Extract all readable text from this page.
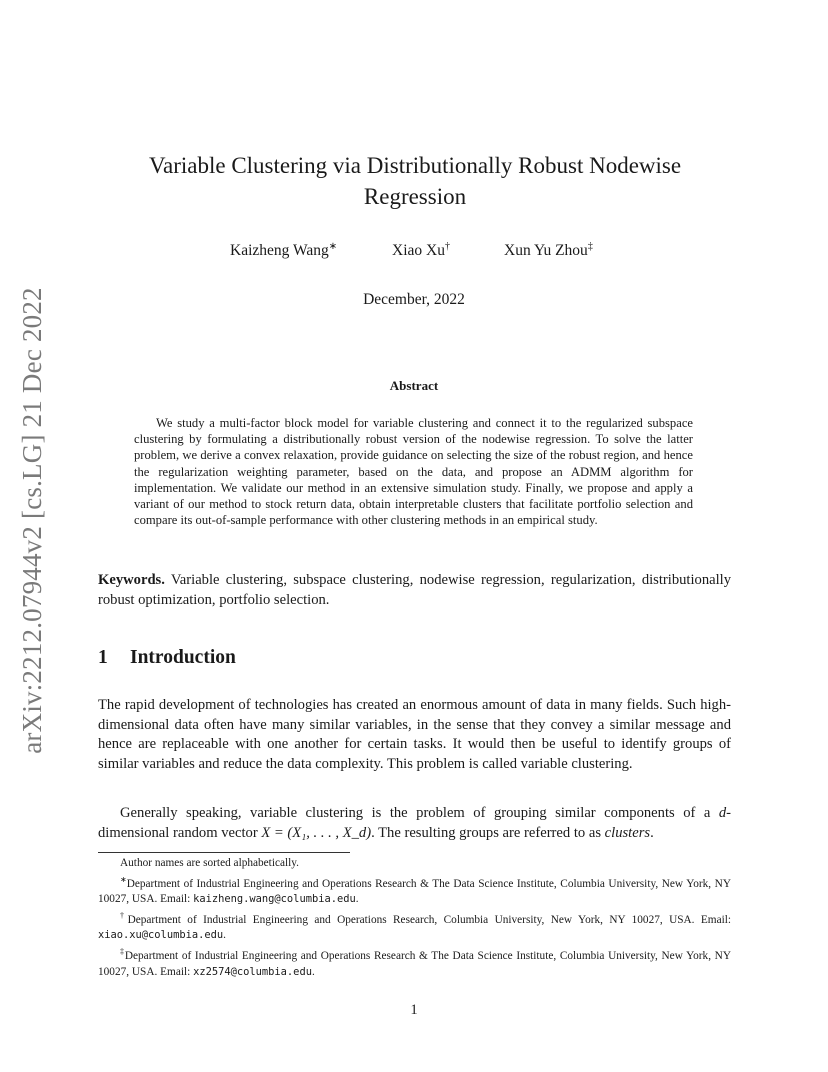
arXiv:2212.07944v2 [cs.LG] 21 Dec 2022
Variable Clustering via Distributionally Robust Nodewise Regression
Kaizheng Wang∗	Xiao Xu†	Xun Yu Zhou‡
December, 2022
Abstract

We study a multi-factor block model for variable clustering and connect it to the regularized subspace clustering by formulating a distributionally robust version of the nodewise regression. To solve the latter problem, we derive a convex relaxation, provide guidance on selecting the size of the robust region, and hence the regularization weighting parameter, based on the data, and propose an ADMM algorithm for implementation. We validate our method in an extensive simulation study. Finally, we propose and apply a variant of our method to stock return data, obtain interpretable clusters that facilitate portfolio selection and compare its out-of-sample performance with other clustering methods in an empirical study.

Keywords. Variable clustering, subspace clustering, nodewise regression, regularization, distributionally robust optimization, portfolio selection.

1 Introduction

The rapid development of technologies has created an enormous amount of data in many fields. Such high-dimensional data often have many similar variables, in the sense that they convey a similar message and hence are replaceable with one another for certain tasks. It would then be useful to identify groups of similar variables and reduce the data complexity. This problem is called variable clustering.

Generally speaking, variable clustering is the problem of grouping similar components of a d-dimensional random vector X = (X₁, . . . , X_d). The resulting groups are referred to as clusters.

Author names are sorted alphabetically.

∗Department of Industrial Engineering and Operations Research & The Data Science Institute, Columbia University, New York, NY 10027, USA. Email: kaizheng.wang@columbia.edu.

†Department of Industrial Engineering and Operations Research, Columbia University, New York, NY 10027, USA. Email: xiao.xu@columbia.edu.

‡Department of Industrial Engineering and Operations Research & The Data Science Institute, Columbia University, New York, NY 10027, USA. Email: xz2574@columbia.edu.

1
